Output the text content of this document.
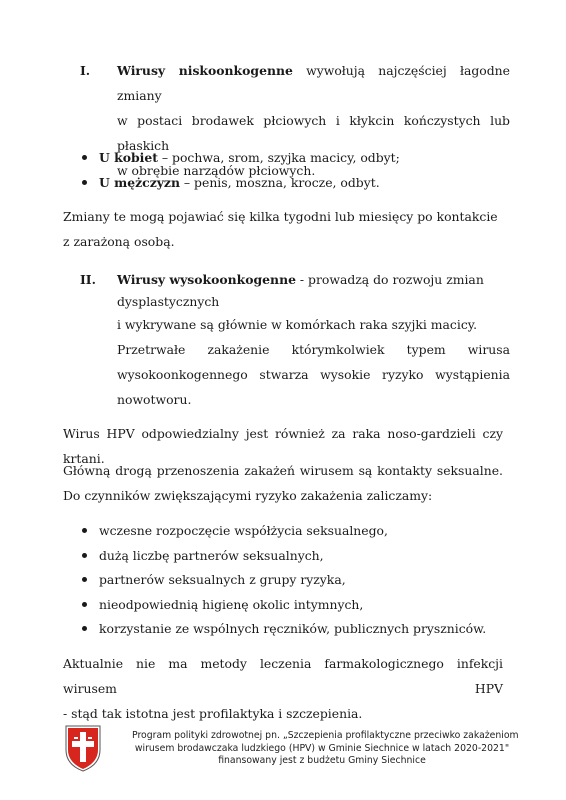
I. Wirusy niskoonkogenne wywołują najczęściej łagodne zmiany

w postaci brodawek płciowych i kłykcin kończystych lub płaskich

w obrębie narządów płciowych.

U kobiet – pochwa, srom, szyjka macicy, odbyt;
U mężczyzn – penis, moszna, krocze, odbyt.
Zmiany te mogą pojawiać się kilka tygodni lub miesięcy po kontakcie
z zarażoną osobą.
II. Wirusy wysokoonkogenne - prowadzą do rozwoju zmian

dysplastycznych

i wykrywane są głównie w komórkach raka szyjki macicy.

Przetrwałe zakażenie którymkolwiek typem wirusa

wysokoonkogennego stwarza wysokie ryzyko wystąpienia

nowotworu.

Wirus HPV odpowiedzialny jest również za raka noso-gardzieli czy krtani.
Główną drogą przenoszenia zakażeń wirusem są kontakty seksualne.
Do czynników zwiększającymi ryzyko zakażenia zaliczamy:
wczesne rozpoczęcie współżycia seksualnego,
dużą liczbę partnerów seksualnych,
partnerów seksualnych z grupy ryzyka,
nieodpowiednią higienę okolic intymnych,
korzystanie ze wspólnych ręczników, publicznych pryszniców.
Aktualnie nie ma metody leczenia farmakologicznego infekcji wirusem HPV
- stąd tak istotna jest profilaktyka i szczepienia.
Program polityki zdrowotnej pn. „Szczepienia profilaktyczne przeciwko zakażeniom
wirusem brodawczaka ludzkiego (HPV) w Gminie Siechnice w latach 2020-2021"
finansowany jest z budżetu Gminy Siechnice
